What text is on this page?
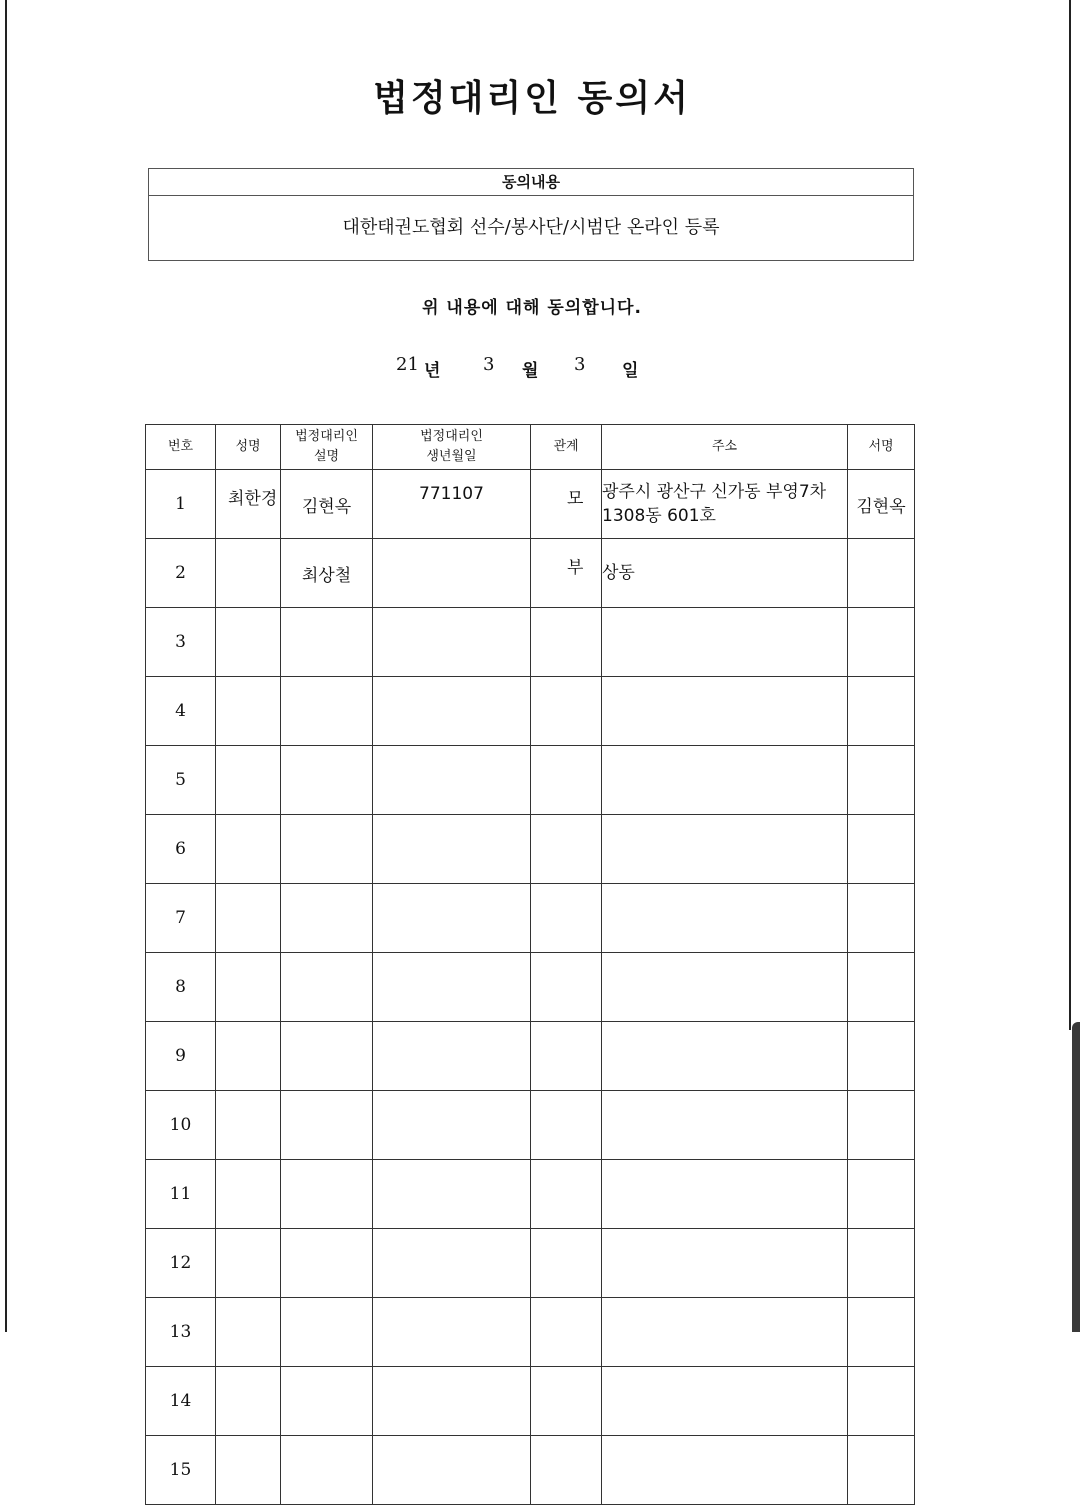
법정대리인 동의서
동의내용
대한태권도협회 선수/봉사단/시범단 온라인 등록
위 내용에 대해 동의합니다.
21 년 3 월 3 일
번호	성명	법정대리인 설명	법정대리인 생년월일	관계	주소	서명
1	최한경	김현옥	771107	모	광주시 광산구 신가동 부영7차 1308동 601호	김현옥
2		최상철		부	상동	
3						
4						
5						
6						
7						
8						
9						
10						
11						
12						
13						
14						
15						
